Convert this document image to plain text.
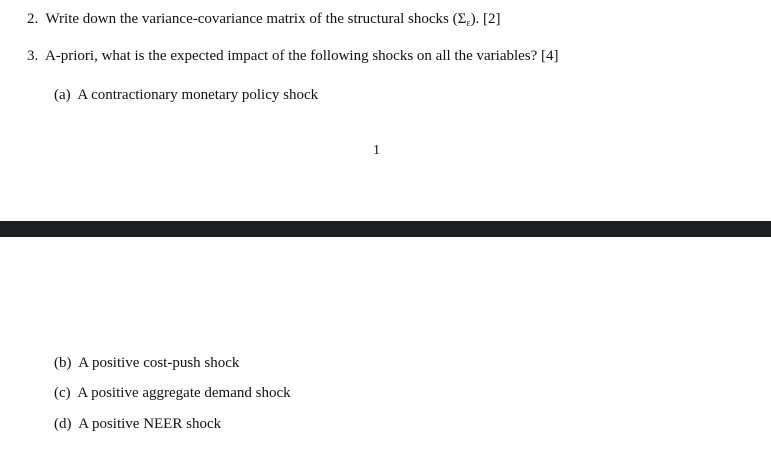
2. Write down the variance-covariance matrix of the structural shocks $(\Sigma_\varepsilon)$. [2]
3. A-priori, what is the expected impact of the following shocks on all the variables? [4]
(a) A contractionary monetary policy shock
1
(b) A positive cost-push shock
(c) A positive aggregate demand shock
(d) A positive NEER shock
